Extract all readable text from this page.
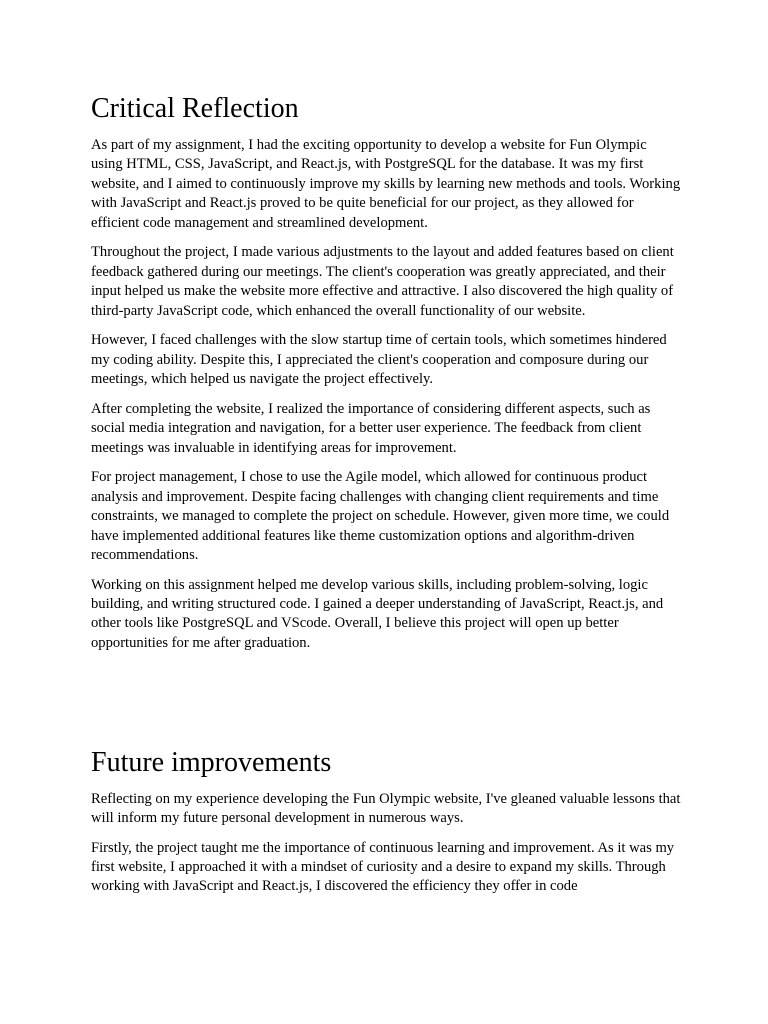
Critical Reflection

As part of my assignment, I had the exciting opportunity to develop a website for Fun Olympic using HTML, CSS, JavaScript, and React.js, with PostgreSQL for the database. It was my first website, and I aimed to continuously improve my skills by learning new methods and tools. Working with JavaScript and React.js proved to be quite beneficial for our project, as they allowed for efficient code management and streamlined development.

Throughout the project, I made various adjustments to the layout and added features based on client feedback gathered during our meetings. The client's cooperation was greatly appreciated, and their input helped us make the website more effective and attractive. I also discovered the high quality of third-party JavaScript code, which enhanced the overall functionality of our website.

However, I faced challenges with the slow startup time of certain tools, which sometimes hindered my coding ability. Despite this, I appreciated the client's cooperation and composure during our meetings, which helped us navigate the project effectively.

After completing the website, I realized the importance of considering different aspects, such as social media integration and navigation, for a better user experience. The feedback from client meetings was invaluable in identifying areas for improvement.

For project management, I chose to use the Agile model, which allowed for continuous product analysis and improvement. Despite facing challenges with changing client requirements and time constraints, we managed to complete the project on schedule. However, given more time, we could have implemented additional features like theme customization options and algorithm-driven recommendations.

Working on this assignment helped me develop various skills, including problem-solving, logic building, and writing structured code. I gained a deeper understanding of JavaScript, React.js, and other tools like PostgreSQL and VScode. Overall, I believe this project will open up better opportunities for me after graduation.

Future improvements

Reflecting on my experience developing the Fun Olympic website, I've gleaned valuable lessons that will inform my future personal development in numerous ways.

Firstly, the project taught me the importance of continuous learning and improvement. As it was my first website, I approached it with a mindset of curiosity and a desire to expand my skills. Through working with JavaScript and React.js, I discovered the efficiency they offer in code
